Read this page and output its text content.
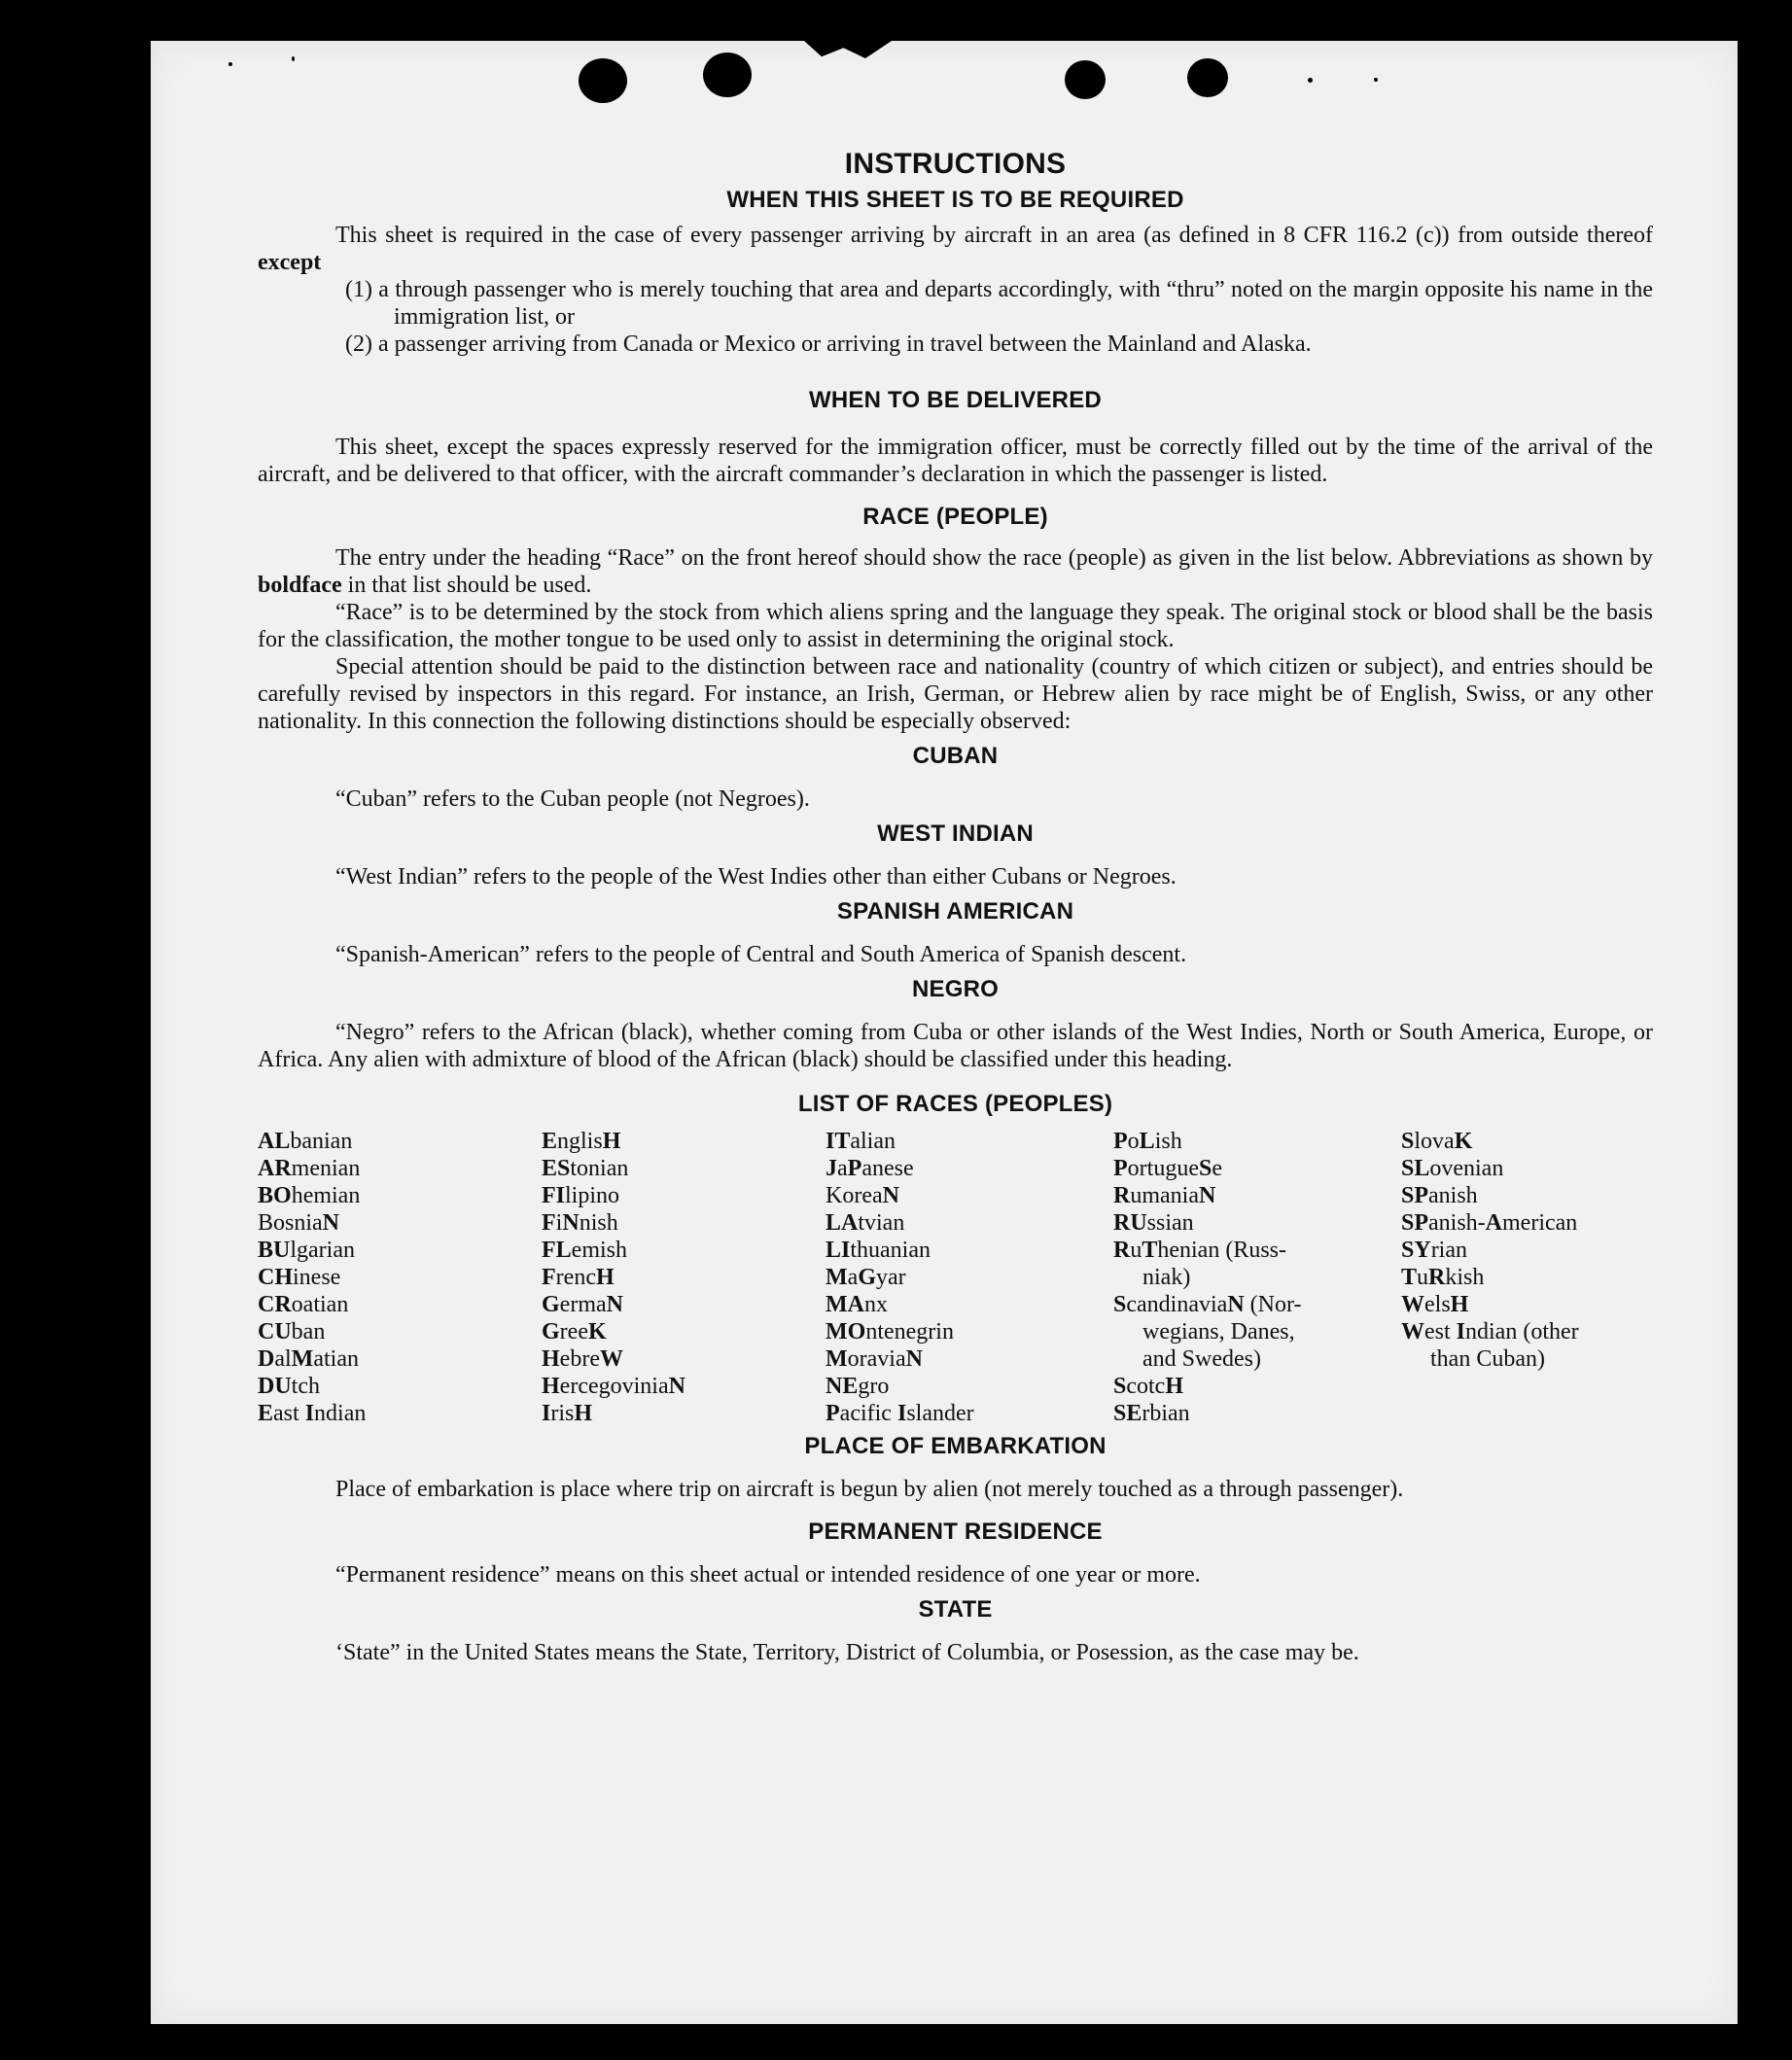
INSTRUCTIONS
WHEN THIS SHEET IS TO BE REQUIRED

This sheet is required in the case of every passenger arriving by aircraft in an area (as defined in 8 CFR 116.2 (c)) from outside thereof except

(1) a through passenger who is merely touching that area and departs accordingly, with “thru” noted on the margin opposite his name in the immigration list, or

(2) a passenger arriving from Canada or Mexico or arriving in travel between the Mainland and Alaska.

WHEN TO BE DELIVERED

This sheet, except the spaces expressly reserved for the immigration officer, must be correctly filled out by the time of the arrival of the aircraft, and be delivered to that officer, with the aircraft commander’s declaration in which the passenger is listed.

RACE (PEOPLE)

The entry under the heading “Race” on the front hereof should show the race (people) as given in the list below. Abbreviations as shown by boldface in that list should be used.

“Race” is to be determined by the stock from which aliens spring and the language they speak. The original stock or blood shall be the basis for the classification, the mother tongue to be used only to assist in determining the original stock.

Special attention should be paid to the distinction between race and nationality (country of which citizen or subject), and entries should be carefully revised by inspectors in this regard. For instance, an Irish, German, or Hebrew alien by race might be of English, Swiss, or any other nationality. In this connection the following distinctions should be especially observed:

CUBAN

“Cuban” refers to the Cuban people (not Negroes).

WEST INDIAN

“West Indian” refers to the people of the West Indies other than either Cubans or Negroes.

SPANISH AMERICAN

“Spanish-American” refers to the people of Central and South America of Spanish descent.

NEGRO

“Negro” refers to the African (black), whether coming from Cuba or other islands of the West Indies, North or South America, Europe, or Africa. Any alien with admixture of blood of the African (black) should be classified under this heading.

LIST OF RACES (PEOPLES)
ALbanian
ARmenian
BOhemian
BosniaN
BUlgarian
CHinese
CRoatian
CUban
DalMatian
DUtch
East Indian
EnglisH
EStonian
FIlipino
FiNnish
FLemish
FrencH
GermaN
GreeK
HebreW
HercegoviniaN
IrisH
ITalian
JaPanese
KoreaN
LAtvian
LIthuanian
MaGyar
MAnx
MOntenegrin
MoraviaN
NEgro
Pacific Islander
PoLish
PortugueSe
RumaniaN
RUssian
RuThenian (Russ-
niak)
ScandinaviaN (Nor-
wegians, Danes,
and Swedes)
ScotcH
SErbian
SlovaK
SLovenian
SPanish
SPanish-American
SYrian
TuRkish
WelsH
West Indian (other
than Cuban)
PLACE OF EMBARKATION

Place of embarkation is place where trip on aircraft is begun by alien (not merely touched as a through passenger).

PERMANENT RESIDENCE

“Permanent residence” means on this sheet actual or intended residence of one year or more.

STATE

‘State” in the United States means the State, Territory, District of Columbia, or Posession, as the case may be.
